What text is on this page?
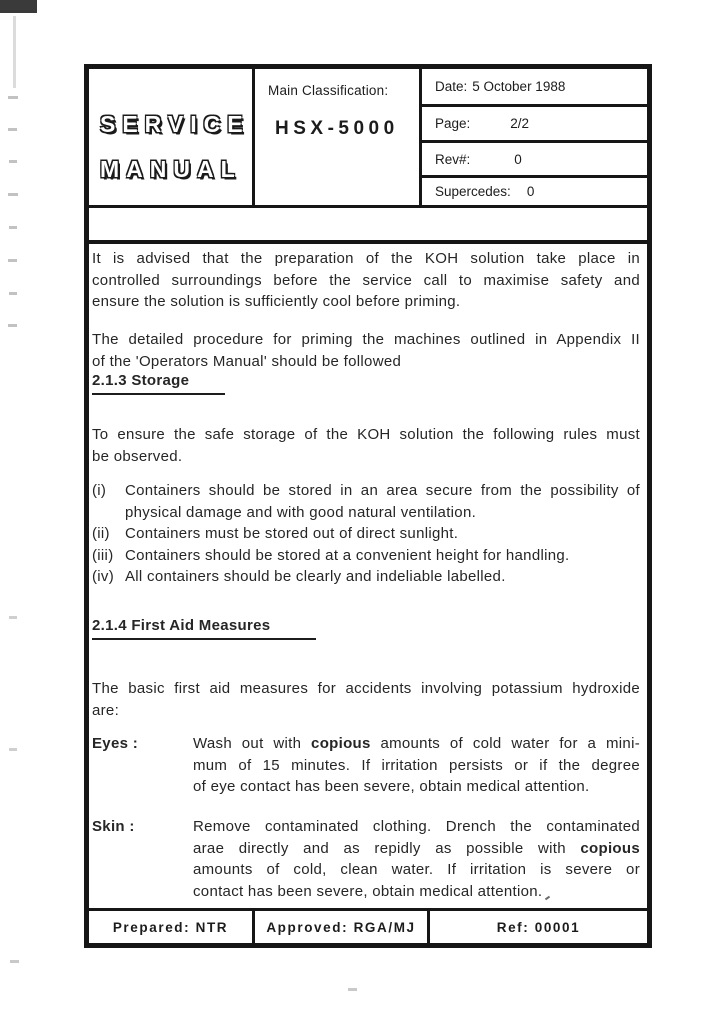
SERVICE
MANUAL
Main Classification:
HSX-5000
Date: 5 October 1988
Page:	2/2
Rev#:	0
Supercedes: 0
It is advised that the preparation of the KOH solution take place in
controlled surroundings before the service call to maximise safety and
ensure the solution is sufficiently cool before priming.
The detailed procedure for priming the machines outlined in Appendix II
of the 'Operators Manual' should be followed
2.1.3 Storage
To ensure the safe storage of the KOH solution the following rules must
be observed.
(i)	Containers should be stored in an area secure from the possibility of
physical damage and with good natural ventilation.
(ii)	Containers must be stored out of direct sunlight.
(iii) Containers should be stored at a convenient height for handling.
(iv) All containers should be clearly and indeliable labelled.
2.1.4 First Aid Measures
The basic first aid measures for accidents involving potassium hydroxide
are:
Eyes :	Wash out with copious amounts of cold water for a mini-
mum of 15 minutes. If irritation persists or if the degree
of eye contact has been severe, obtain medical attention.
Skin :	Remove contaminated clothing. Drench the contaminated
arae directly and as repidly as possible with copious
amounts of cold, clean water. If irritation is severe or
contact has been severe, obtain medical attention.
Prepared: NTR	Approved: RGA/MJ	Ref: 00001
